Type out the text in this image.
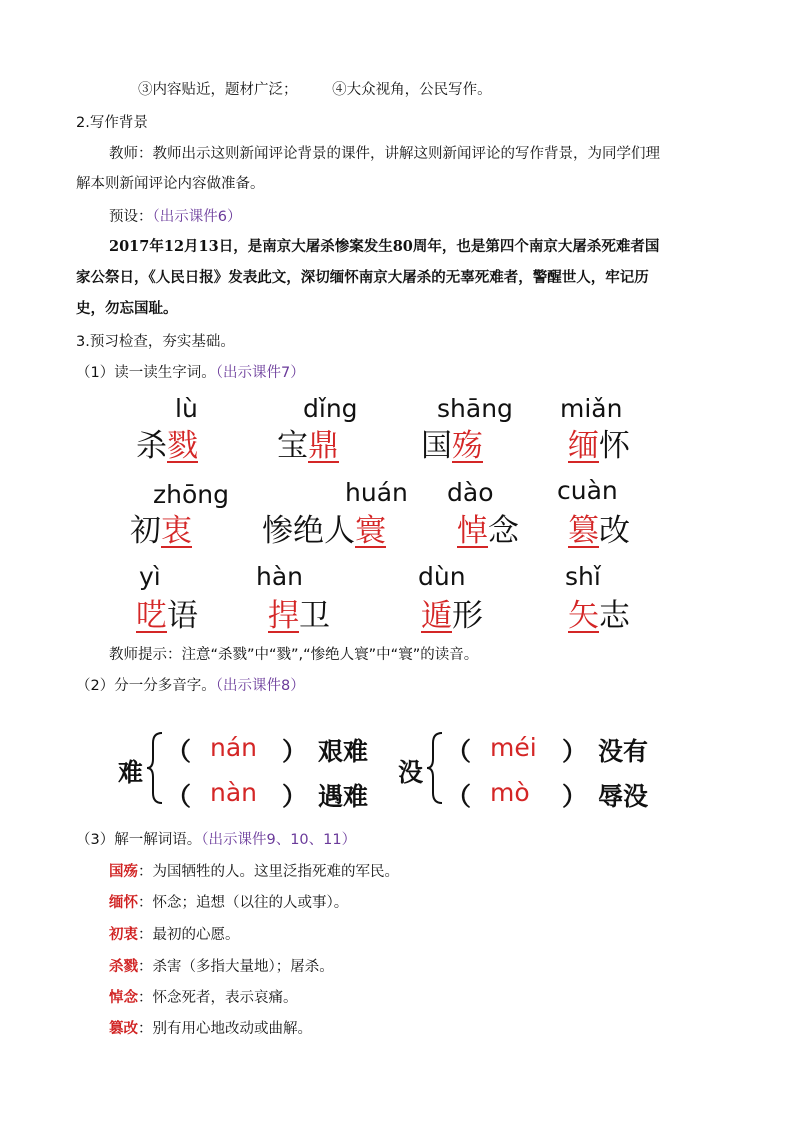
③内容贴近，题材广泛； ④大众视角，公民写作。
2.写作背景
教师：教师出示这则新闻评论背景的课件，讲解这则新闻评论的写作背景，为同学们理
解本则新闻评论内容做准备。
预设：（出示课件6）
2017年12月13日，是南京大屠杀惨案发生80周年，也是第四个南京大屠杀死难者国
家公祭日，《人民日报》发表此文，深切缅怀南京大屠杀的无辜死难者，警醒世人，牢记历
史，勿忘国耻。
3.预习检查，夯实基础。
（1）读一读生字词。（出示课件7）
lù
杀戮
dǐng
宝鼎
shāng
国殇
miǎn
缅怀
zhōng
初衷
huán
惨绝人寰
dào
悼念
cuàn
篡改
yì
呓语
hàn
捍卫
dùn
遁形
shǐ
矢志
教师提示：注意“杀戮”中“戮”,“惨绝人寰”中“寰”的读音。
（2）分一分多音字。（出示课件8）
难
（ nán ） 艰难
（ nàn ） 遇难
没
（ méi ） 没有
（ mò ） 辱没
（3）解一解词语。（出示课件9、10、11）
国殇：为国牺牲的人。这里泛指死难的军民。
缅怀：怀念；追想（以往的人或事）。
初衷：最初的心愿。
杀戮：杀害（多指大量地）；屠杀。
悼念：怀念死者，表示哀痛。
篡改：别有用心地改动或曲解。
